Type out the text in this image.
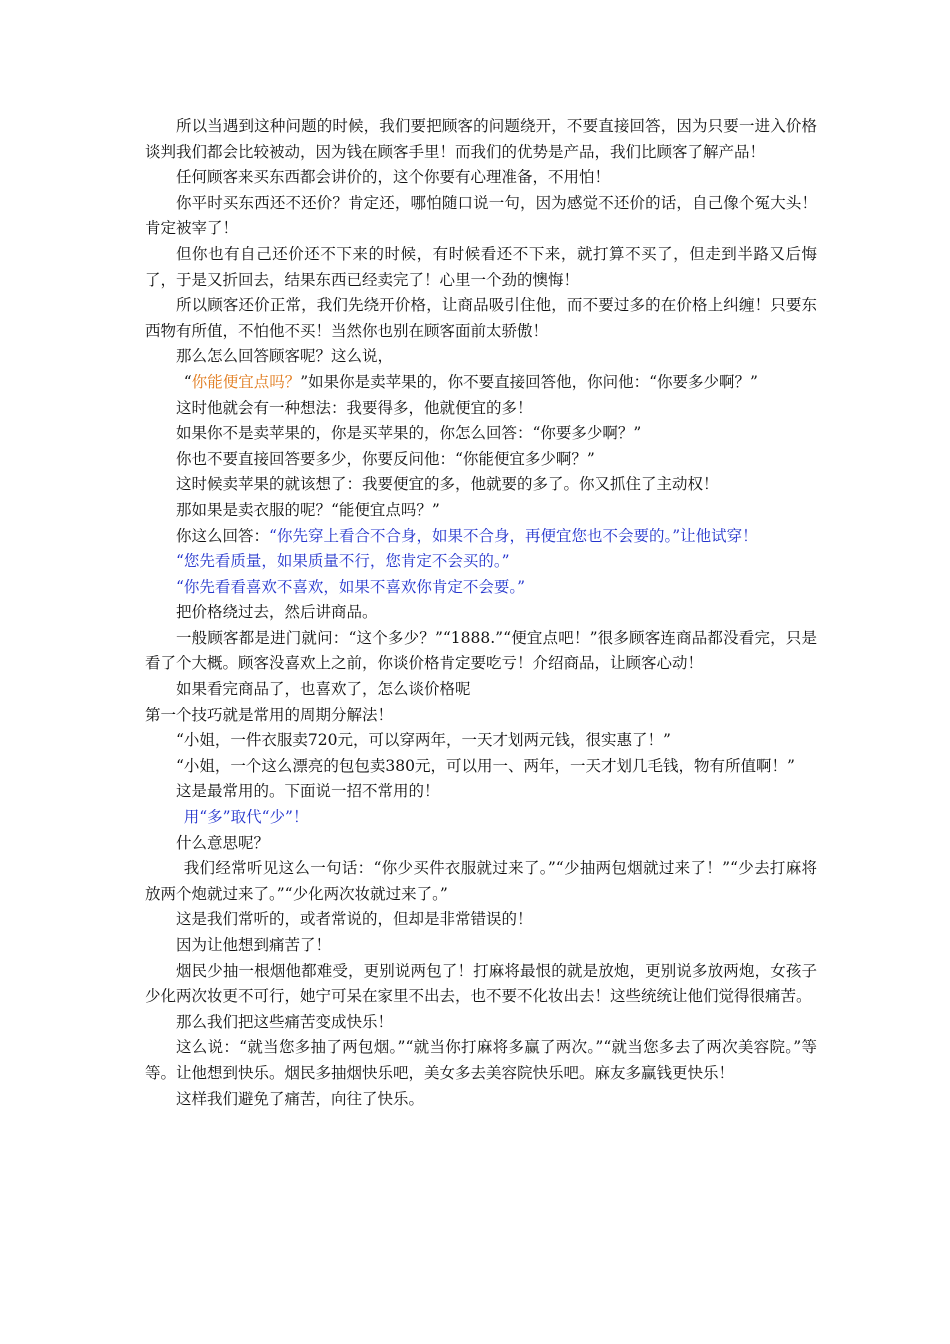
所以当遇到这种问题的时候，我们要把顾客的问题绕开，不要直接回答，因为只要一进入价格谈判我们都会比较被动，因为钱在顾客手里！而我们的优势是产品，我们比顾客了解产品！

任何顾客来买东西都会讲价的，这个你要有心理准备，不用怕！

你平时买东西还不还价？肯定还，哪怕随口说一句，因为感觉不还价的话，自己像个冤大头！肯定被宰了！

但你也有自己还价还不下来的时候，有时候看还不下来，就打算不买了，但走到半路又后悔了，于是又折回去，结果东西已经卖完了！心里一个劲的懊悔！

所以顾客还价正常，我们先绕开价格，让商品吸引住他，而不要过多的在价格上纠缠！只要东西物有所值，不怕他不买！当然你也别在顾客面前太骄傲！

那么怎么回答顾客呢？这么说，

“你能便宜点吗？”如果你是卖苹果的，你不要直接回答他，你问他：“你要多少啊？”

这时他就会有一种想法：我要得多，他就便宜的多！

如果你不是卖苹果的，你是买苹果的，你怎么回答：“你要多少啊？”

你也不要直接回答要多少，你要反问他：“你能便宜多少啊？”

这时候卖苹果的就该想了：我要便宜的多，他就要的多了。你又抓住了主动权！

那如果是卖衣服的呢？“能便宜点吗？”

你这么回答：“你先穿上看合不合身，如果不合身，再便宜您也不会要的。”让他试穿！

“您先看质量，如果质量不行，您肯定不会买的。”

“你先看看喜欢不喜欢，如果不喜欢你肯定不会要。”

把价格绕过去，然后讲商品。

一般顾客都是进门就问：“这个多少？”“1888.”“便宜点吧！”很多顾客连商品都没看完，只是看了个大概。顾客没喜欢上之前，你谈价格肯定要吃亏！介绍商品，让顾客心动！

如果看完商品了，也喜欢了，怎么谈价格呢

第一个技巧就是常用的周期分解法！

“小姐，一件衣服卖720元，可以穿两年，一天才划两元钱，很实惠了！”

“小姐，一个这么漂亮的包包卖380元，可以用一、两年，一天才划几毛钱，物有所值啊！”

这是最常用的。下面说一招不常用的！

用“多”取代“少”！

什么意思呢？

我们经常听见这么一句话：“你少买件衣服就过来了。”“少抽两包烟就过来了！”“少去打麻将放两个炮就过来了。”“少化两次妆就过来了。”

这是我们常听的，或者常说的，但却是非常错误的！

因为让他想到痛苦了！

烟民少抽一根烟他都难受，更别说两包了！打麻将最恨的就是放炮，更别说多放两炮，女孩子少化两次妆更不可行，她宁可呆在家里不出去，也不要不化妆出去！这些统统让他们觉得很痛苦。

那么我们把这些痛苦变成快乐！

这么说：“就当您多抽了两包烟。”“就当你打麻将多赢了两次。”“就当您多去了两次美容院。”等等。让他想到快乐。烟民多抽烟快乐吧，美女多去美容院快乐吧。麻友多赢钱更快乐！

这样我们避免了痛苦，向往了快乐。
